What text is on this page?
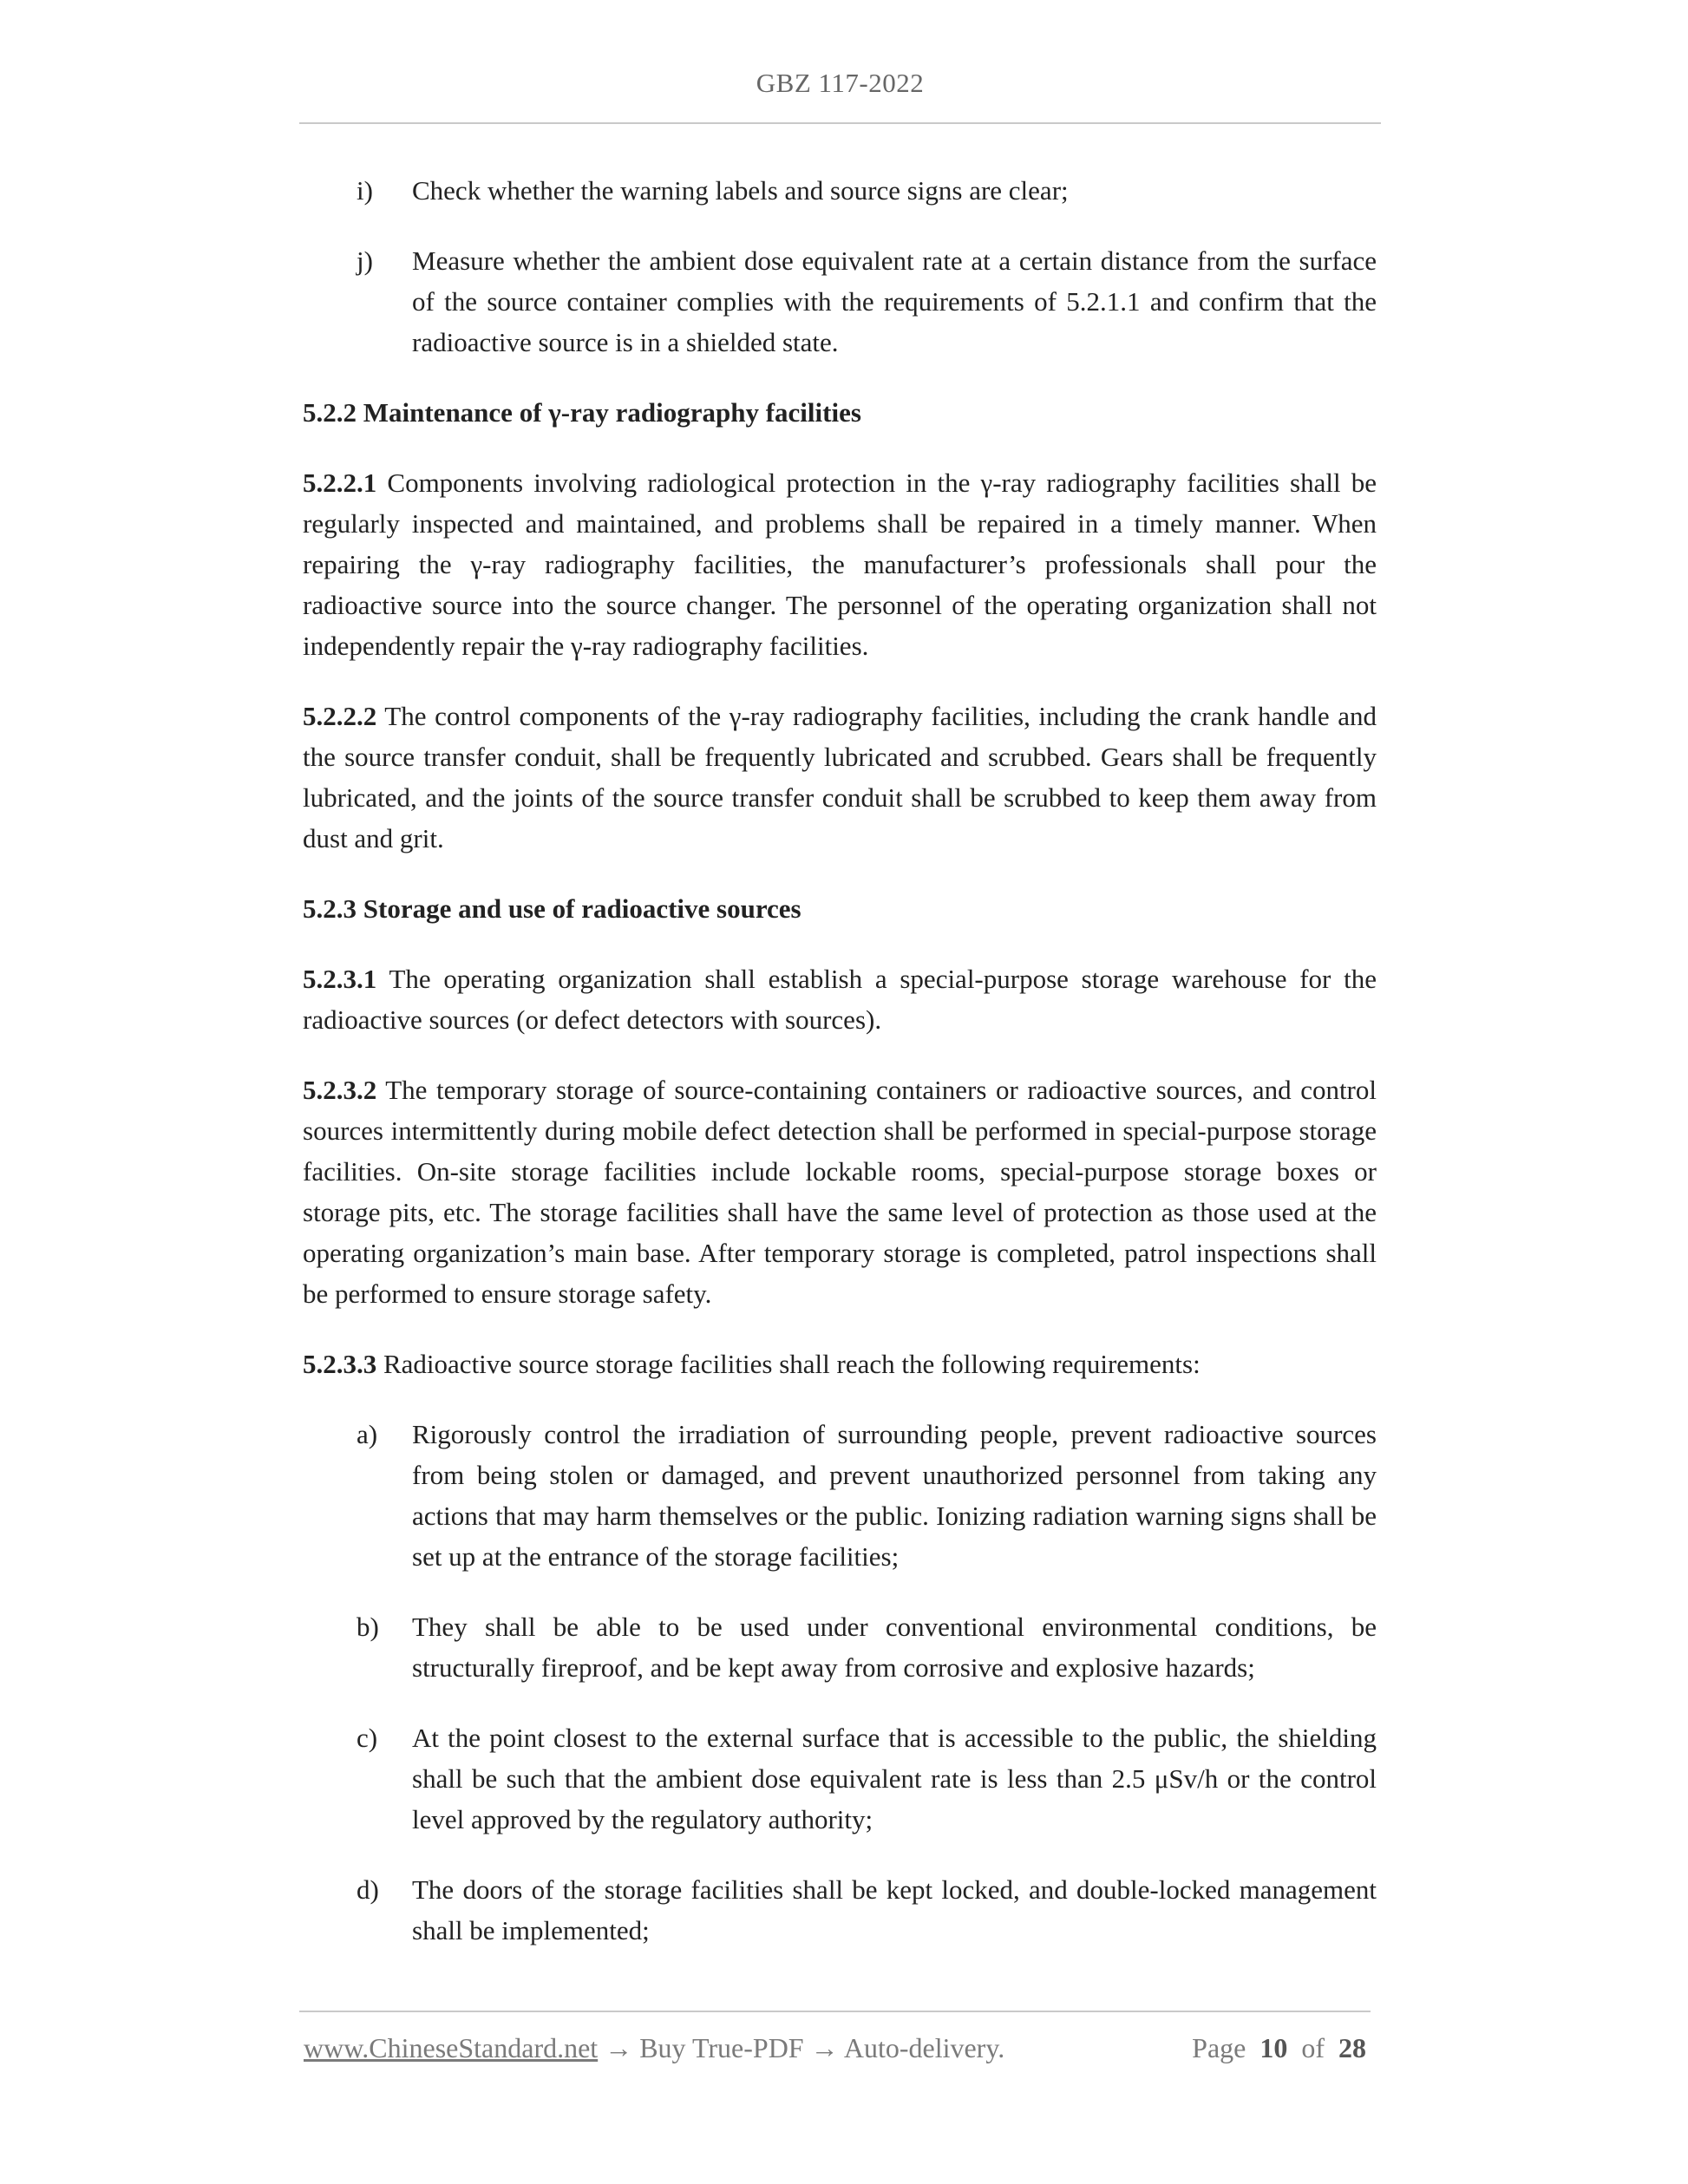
GBZ 117-2022
i)	Check whether the warning labels and source signs are clear;
j)	Measure whether the ambient dose equivalent rate at a certain distance from the surface of the source container complies with the requirements of 5.2.1.1 and confirm that the radioactive source is in a shielded state.

5.2.2 Maintenance of γ-ray radiography facilities

5.2.2.1 Components involving radiological protection in the γ-ray radiography facilities shall be regularly inspected and maintained, and problems shall be repaired in a timely manner. When repairing the γ-ray radiography facilities, the manufacturer’s professionals shall pour the radioactive source into the source changer. The personnel of the operating organization shall not independently repair the γ-ray radiography facilities.

5.2.2.2 The control components of the γ-ray radiography facilities, including the crank handle and the source transfer conduit, shall be frequently lubricated and scrubbed. Gears shall be frequently lubricated, and the joints of the source transfer conduit shall be scrubbed to keep them away from dust and grit.

5.2.3 Storage and use of radioactive sources

5.2.3.1 The operating organization shall establish a special-purpose storage warehouse for the radioactive sources (or defect detectors with sources).

5.2.3.2 The temporary storage of source-containing containers or radioactive sources, and control sources intermittently during mobile defect detection shall be performed in special-purpose storage facilities. On-site storage facilities include lockable rooms, special-purpose storage boxes or storage pits, etc. The storage facilities shall have the same level of protection as those used at the operating organization’s main base. After temporary storage is completed, patrol inspections shall be performed to ensure storage safety.

5.2.3.3 Radioactive source storage facilities shall reach the following requirements:

a)	Rigorously control the irradiation of surrounding people, prevent radioactive sources from being stolen or damaged, and prevent unauthorized personnel from taking any actions that may harm themselves or the public. Ionizing radiation warning signs shall be set up at the entrance of the storage facilities;
b)	They shall be able to be used under conventional environmental conditions, be structurally fireproof, and be kept away from corrosive and explosive hazards;
c)	At the point closest to the external surface that is accessible to the public, the shielding shall be such that the ambient dose equivalent rate is less than 2.5 μSv/h or the control level approved by the regulatory authority;
d)	The doors of the storage facilities shall be kept locked, and double-locked management shall be implemented;
www.ChineseStandard.net → Buy True-PDF → Auto-delivery.	Page 10 of 28
